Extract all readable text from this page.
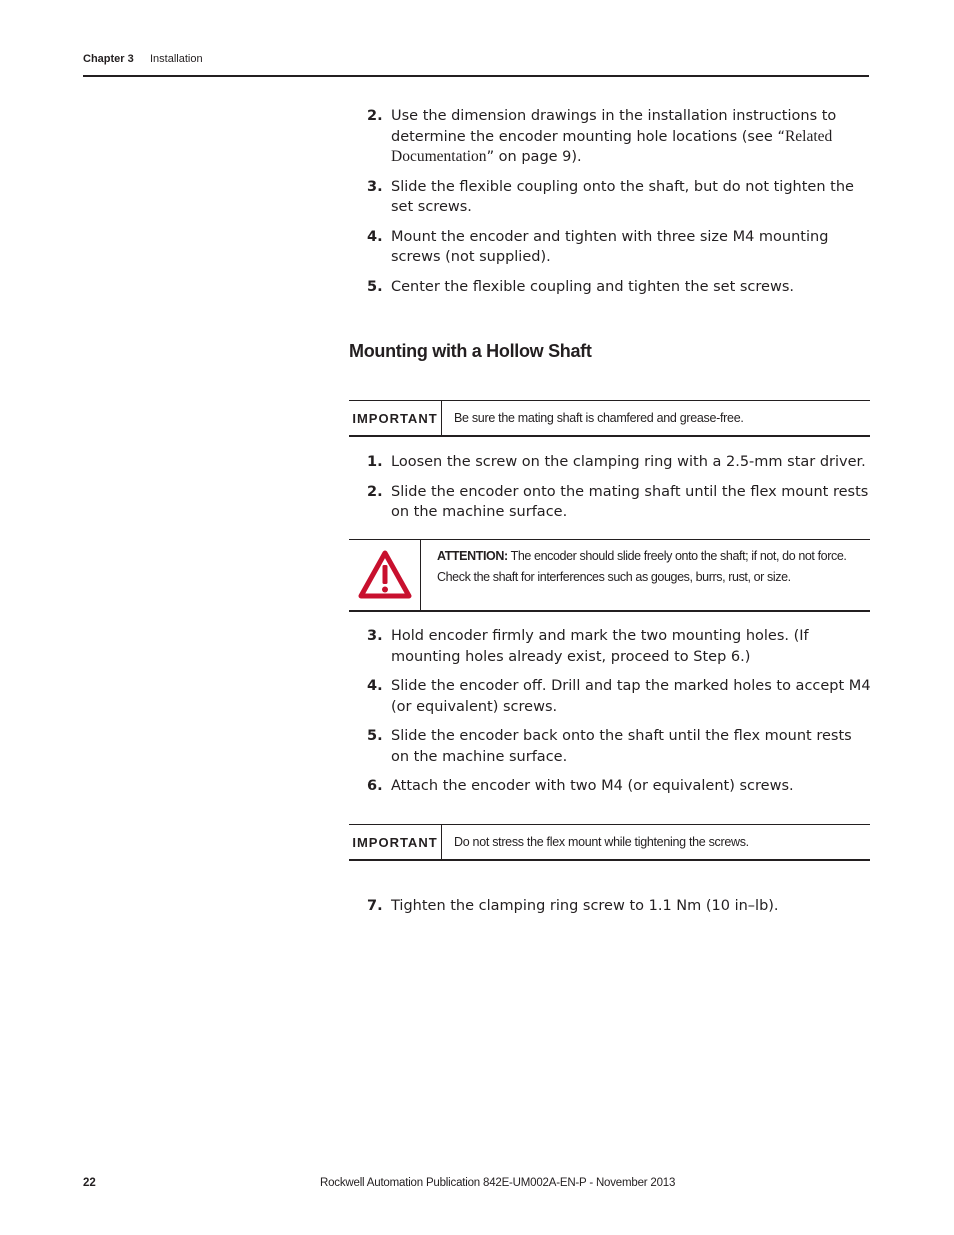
Chapter 3 Installation
2. Use the dimension drawings in the installation instructions to determine the encoder mounting hole locations (see “Related Documentation” on page 9).
3. Slide the flexible coupling onto the shaft, but do not tighten the set screws.
4. Mount the encoder and tighten with three size M4 mounting screws (not supplied).
5. Center the flexible coupling and tighten the set screws.
Mounting with a Hollow Shaft
IMPORTANT	Be sure the mating shaft is chamfered and grease-free.
1. Loosen the screw on the clamping ring with a 2.5-mm star driver.
2. Slide the encoder onto the mating shaft until the flex mount rests on the machine surface.
ATTENTION: The encoder should slide freely onto the shaft; if not, do not force. Check the shaft for interferences such as gouges, burrs, rust, or size.
3. Hold encoder firmly and mark the two mounting holes. (If mounting holes already exist, proceed to Step 6.)
4. Slide the encoder off. Drill and tap the marked holes to accept M4 (or equivalent) screws.
5. Slide the encoder back onto the shaft until the flex mount rests on the machine surface.
6. Attach the encoder with two M4 (or equivalent) screws.
IMPORTANT	Do not stress the flex mount while tightening the screws.
7. Tighten the clamping ring screw to 1.1 Nm (10 in–lb).
22	Rockwell Automation Publication 842E-UM002A-EN-P - November 2013
